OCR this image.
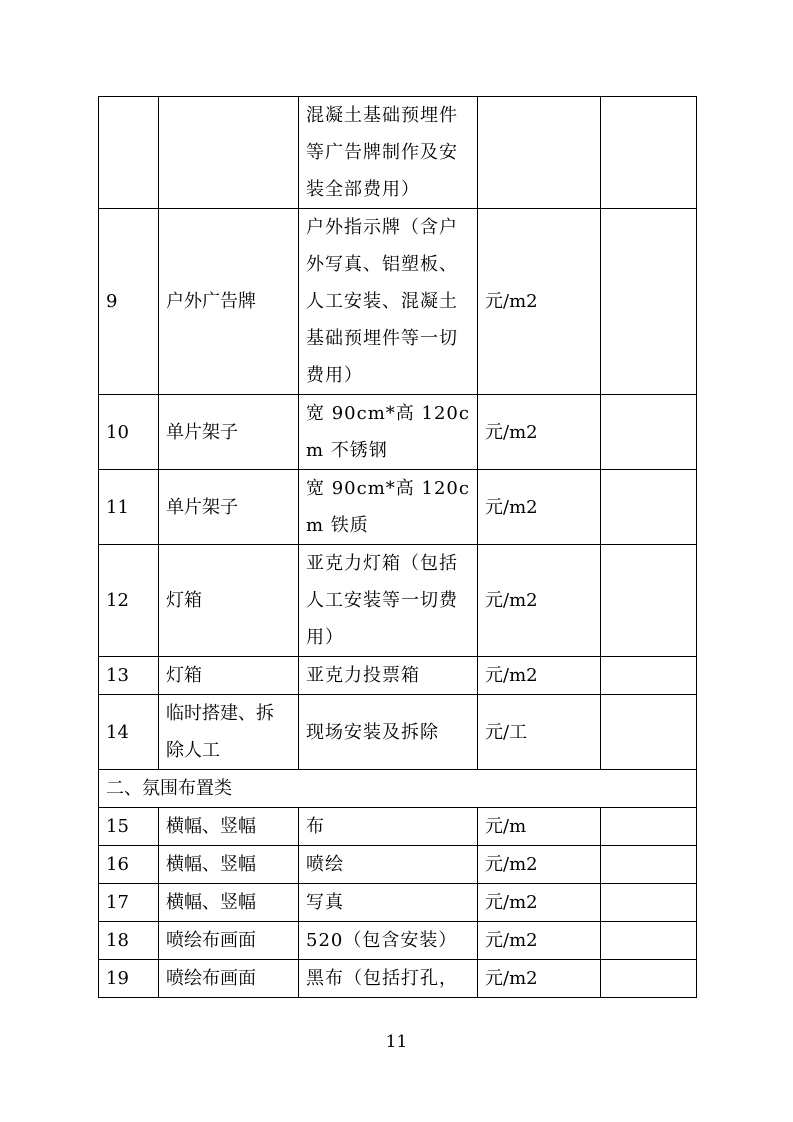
		混凝土基础预埋件等广告牌制作及安装全部费用）		
9	户外广告牌	户外指示牌（含户外写真、铝塑板、人工安装、混凝土基础预埋件等一切费用）	元/m2	
10	单片架子	宽 90cm*高 120cm 不锈钢	元/m2	
11	单片架子	宽 90cm*高 120cm 铁质	元/m2	
12	灯箱	亚克力灯箱（包括人工安装等一切费用）	元/m2	
13	灯箱	亚克力投票箱	元/m2	
14	临时搭建、拆除人工	现场安装及拆除	元/工	
二、氛围布置类				
15	横幅、竖幅	布	元/m	
16	横幅、竖幅	喷绘	元/m2	
17	横幅、竖幅	写真	元/m2	
18	喷绘布画面	520（包含安装）	元/m2	
19	喷绘布画面	黑布（包括打孔，	元/m2	
11
